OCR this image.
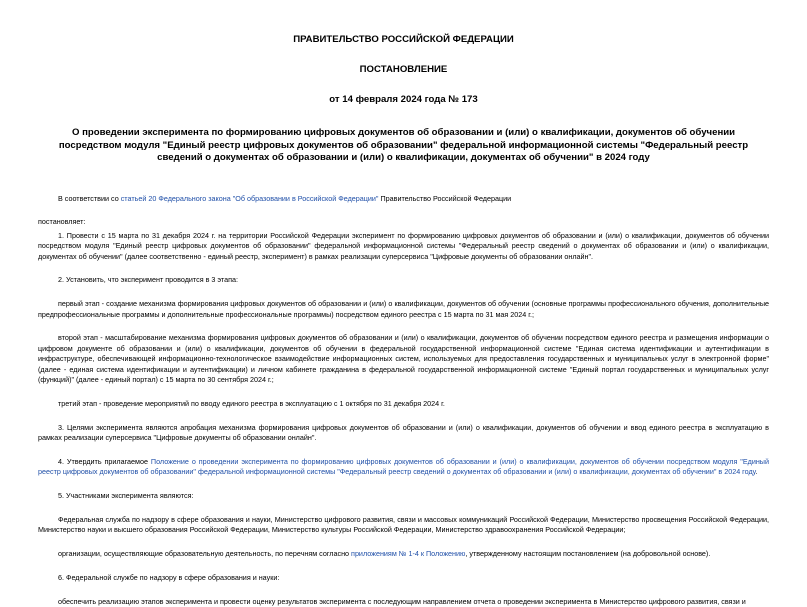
ПРАВИТЕЛЬСТВО РОССИЙСКОЙ ФЕДЕРАЦИИ
ПОСТАНОВЛЕНИЕ
от 14 февраля 2024 года № 173
О проведении эксперимента по формированию цифровых документов об образовании и (или) о квалификации, документов об обучении посредством модуля "Единый реестр цифровых документов об образовании" федеральной информационной системы "Федеральный реестр сведений о документах об образовании и (или) о квалификации, документах об обучении" в 2024 году
В соответствии со статьей 20 Федерального закона "Об образовании в Российской Федерации" Правительство Российской Федерации
постановляет:
1. Провести с 15 марта по 31 декабря 2024 г. на территории Российской Федерации эксперимент по формированию цифровых документов об образовании и (или) о квалификации, документов об обучении посредством модуля "Единый реестр цифровых документов об образовании" федеральной информационной системы "Федеральный реестр сведений о документах об образовании и (или) о квалификации, документах об обучении" (далее соответственно - единый реестр, эксперимент) в рамках реализации суперсервиса "Цифровые документы об образовании онлайн".
2. Установить, что эксперимент проводится в 3 этапа:
первый этап - создание механизма формирования цифровых документов об образовании и (или) о квалификации, документов об обучении (основные программы профессионального обучения, дополнительные предпрофессиональные программы и дополнительные профессиональные программы) посредством единого реестра с 15 марта по 31 мая 2024 г.;
второй этап - масштабирование механизма формирования цифровых документов об образовании и (или) о квалификации, документов об обучении посредством единого реестра и размещения информации о цифровом документе об образовании и (или) о квалификации, документов об обучении в федеральной государственной информационной системе "Единая система идентификации и аутентификации в инфраструктуре, обеспечивающей информационно-технологическое взаимодействие информационных систем, используемых для предоставления государственных и муниципальных услуг в электронной форме" (далее - единая система идентификации и аутентификации) и личном кабинете гражданина в федеральной государственной информационной системе "Единый портал государственных и муниципальных услуг (функций)" (далее - единый портал) с 15 марта по 30 сентября 2024 г.;
третий этап - проведение мероприятий по вводу единого реестра в эксплуатацию с 1 октября по 31 декабря 2024 г.
3. Целями эксперимента являются апробация механизма формирования цифровых документов об образовании и (или) о квалификации, документов об обучении и ввод единого реестра в эксплуатацию в рамках реализации суперсервиса "Цифровые документы об образовании онлайн".
4. Утвердить прилагаемое Положение о проведении эксперимента по формированию цифровых документов об образовании и (или) о квалификации, документов об обучении посредством модуля "Единый реестр цифровых документов об образовании" федеральной информационной системы "Федеральный реестр сведений о документах об образовании и (или) о квалификации, документах об обучении" в 2024 году.
5. Участниками эксперимента являются:
Федеральная служба по надзору в сфере образования и науки, Министерство цифрового развития, связи и массовых коммуникаций Российской Федерации, Министерство просвещения Российской Федерации, Министерство науки и высшего образования Российской Федерации, Министерство культуры Российской Федерации, Министерство здравоохранения Российской Федерации;
организации, осуществляющие образовательную деятельность, по перечням согласно приложениям № 1-4 к Положению, утвержденному настоящим постановлением (на добровольной основе).
6. Федеральной службе по надзору в сфере образования и науки:
обеспечить реализацию этапов эксперимента и провести оценку результатов эксперимента с последующим направлением отчета о проведении эксперимента в Министерство цифрового развития, связи и
